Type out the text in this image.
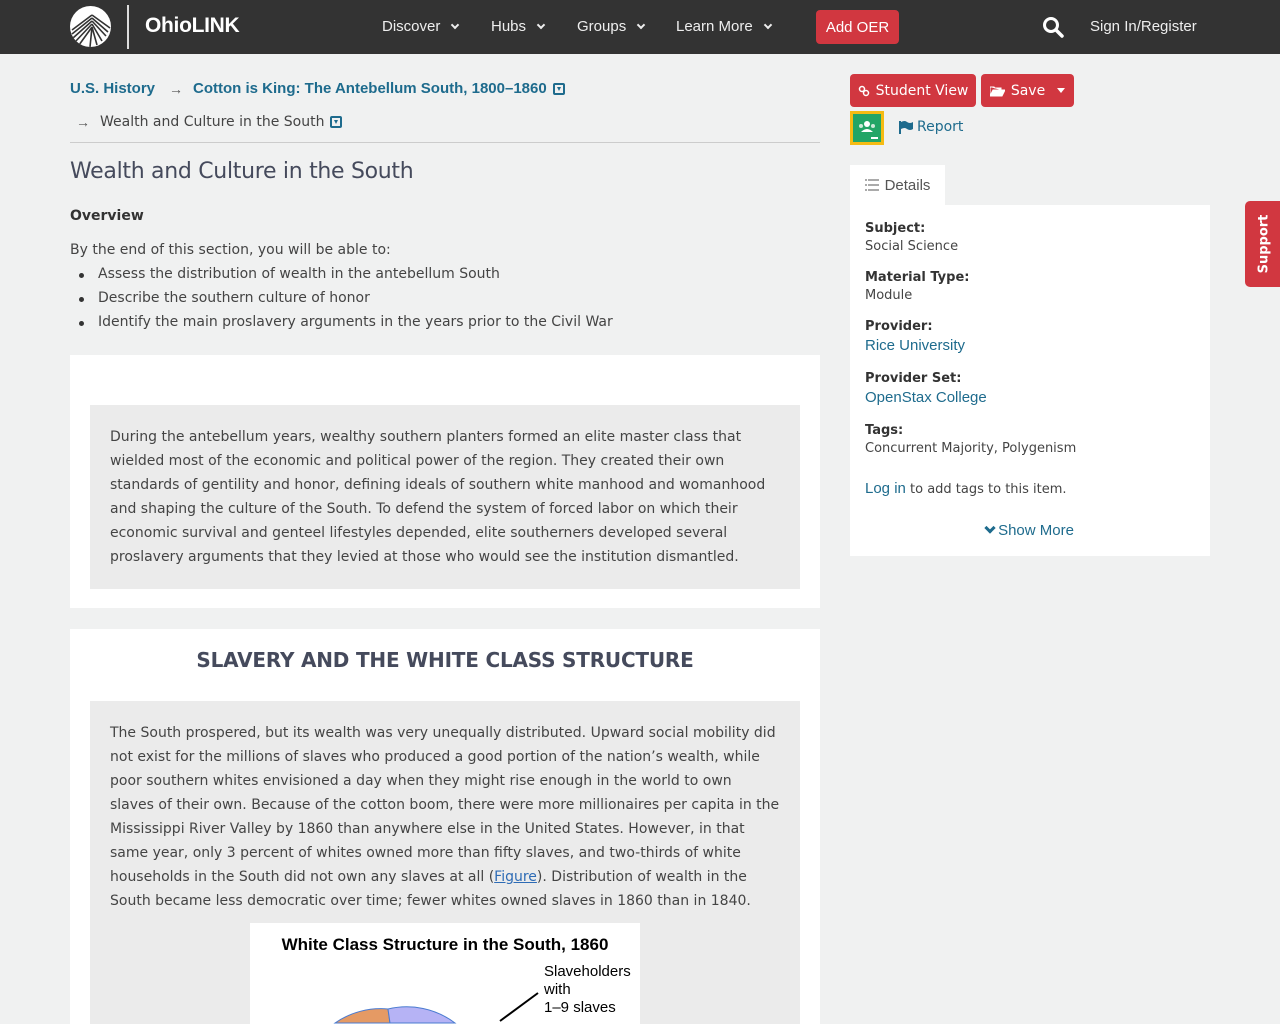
OhioLINK	Discover	Hubs	Groups	Learn More	Add OER	Sign In/Register
U.S. History → Cotton is King: The Antebellum South, 1800–1860
→ Wealth and Culture in the South
Wealth and Culture in the South
Overview
By the end of this section, you will be able to:
Assess the distribution of wealth in the antebellum South
Describe the southern culture of honor
Identify the main proslavery arguments in the years prior to the Civil War

During the antebellum years, wealthy southern planters formed an elite master class that wielded most of the economic and political power of the region. They created their own standards of gentility and honor, defining ideals of southern white manhood and womanhood and shaping the culture of the South. To defend the system of forced labor on which their economic survival and genteel lifestyles depended, elite southerners developed several proslavery arguments that they levied at those who would see the institution dismantled.

SLAVERY AND THE WHITE CLASS STRUCTURE

The South prospered, but its wealth was very unequally distributed. Upward social mobility did not exist for the millions of slaves who produced a good portion of the nation’s wealth, while poor southern whites envisioned a day when they might rise enough in the world to own slaves of their own. Because of the cotton boom, there were more millionaires per capita in the Mississippi River Valley by 1860 than anywhere else in the United States. However, in that same year, only 3 percent of whites owned more than fifty slaves, and two-thirds of white households in the South did not own any slaves at all (Figure). Distribution of wealth in the South became less democratic over time; fewer whites owned slaves in 1860 than in 1840.

White Class Structure in the South, 1860
Slaveholders
with
1–9 slaves
Student View	Save
Report
Details
Subject:
Social Science
Material Type:
Module
Provider:
Rice University
Provider Set:
OpenStax College
Tags:
Concurrent Majority, Polygenism
Log in to add tags to this item.
Show More
Support
